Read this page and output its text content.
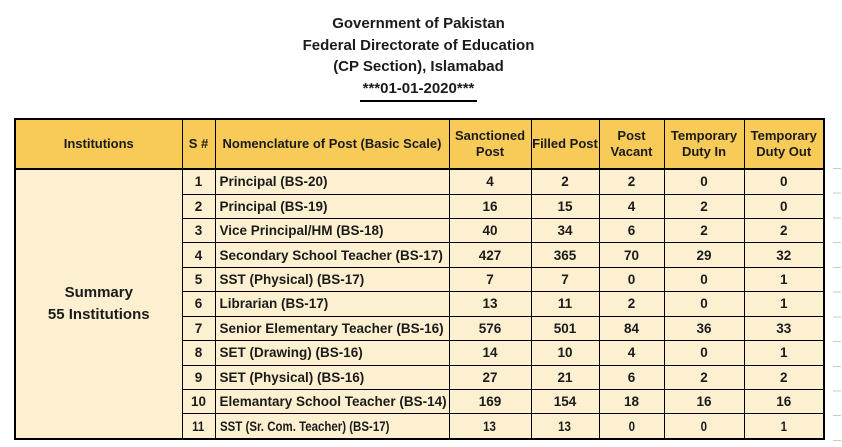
Government of Pakistan
Federal Directorate of Education
(CP Section), Islamabad
***01-01-2020***
Institutions	S #	Nomenclature of Post (Basic Scale)	Sanctioned Post	Filled Post	Post Vacant	Temporary Duty In	Temporary Duty Out

Summary
55 Institutions	1	Principal (BS-20)	4	2	2	0	0
	2	Principal (BS-19)	16	15	4	2	0
	3	Vice Principal/HM (BS-18)	40	34	6	2	2
	4	Secondary School Teacher (BS-17)	427	365	70	29	32
	5	SST (Physical) (BS-17)	7	7	0	0	1
	6	Librarian (BS-17)	13	11	2	0	1
	7	Senior Elementary Teacher (BS-16)	576	501	84	36	33
	8	SET (Drawing) (BS-16)	14	10	4	0	1
	9	SET (Physical) (BS-16)	27	21	6	2	2
	10	Elemantary School Teacher (BS-14)	169	154	18	16	16
	11	SST (Sr. Com. Teacher) (BS-17)	13	13	0	0	1
